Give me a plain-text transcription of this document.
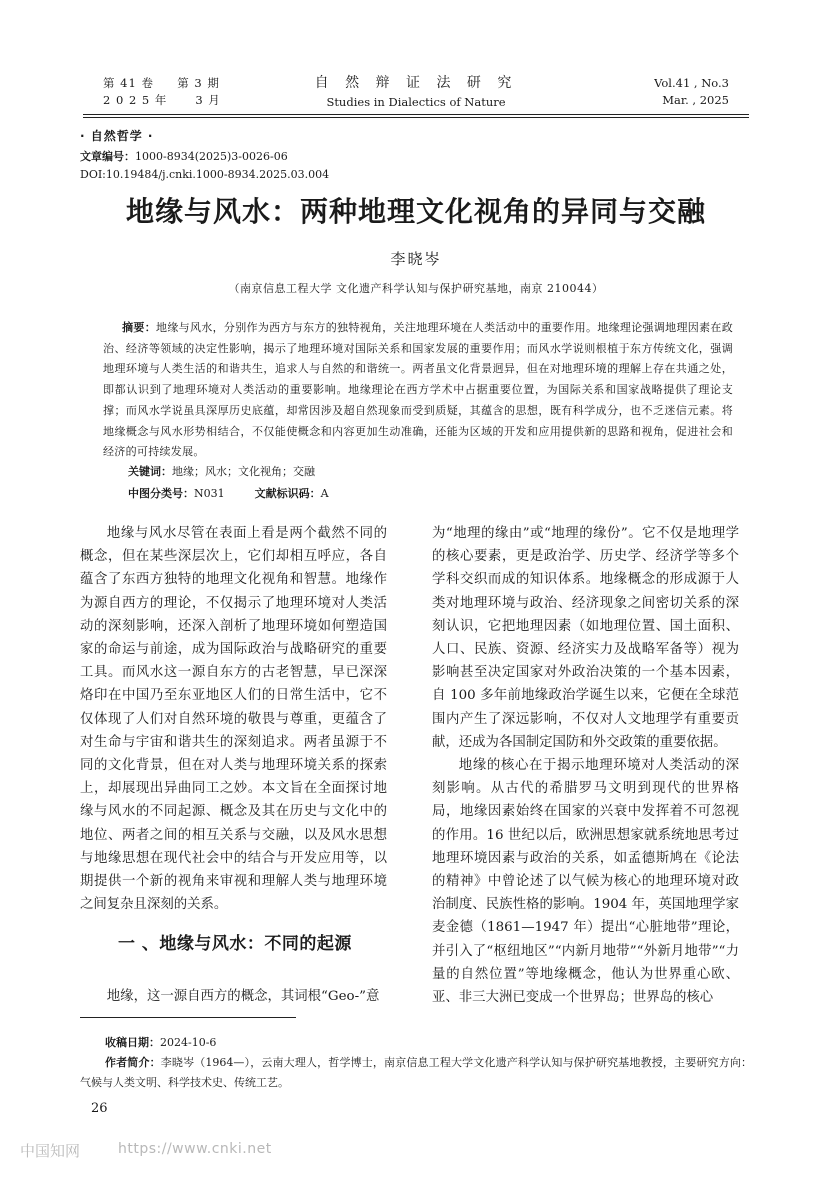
第 41 卷 第 3 期
2 0 2 5 年 3 月
自 然 辩 证 法 研 究
Studies in Dialectics of Nature
Vol.41 , No.3
Mar. , 2025
· 自然哲学 ·
文章编号：1000-8934(2025)3-0026-06
DOI:10.19484/j.cnki.1000-8934.2025.03.004
地缘与风水：两种地理文化视角的异同与交融
李晓岑
（南京信息工程大学 文化遗产科学认知与保护研究基地，南京 210044）
摘要：地缘与风水，分别作为西方与东方的独特视角，关注地理环境在人类活动中的重要作用。地缘理论强调地理因素在政治、经济等领域的决定性影响，揭示了地理环境对国际关系和国家发展的重要作用；而风水学说则根植于东方传统文化，强调地理环境与人类生活的和谐共生，追求人与自然的和谐统一。两者虽文化背景迥异，但在对地理环境的理解上存在共通之处，即都认识到了地理环境对人类活动的重要影响。地缘理论在西方学术中占据重要位置，为国际关系和国家战略提供了理论支撑；而风水学说虽具深厚历史底蕴，却常因涉及超自然现象而受到质疑，其蕴含的思想，既有科学成分，也不乏迷信元素。将地缘概念与风水形势相结合，不仅能使概念和内容更加生动准确，还能为区域的开发和应用提供新的思路和视角，促进社会和经济的可持续发展。
关键词：地缘；风水；文化视角；交融
中图分类号：N031	文献标识码：A

地缘与风水尽管在表面上看是两个截然不同的概念，但在某些深层次上，它们却相互呼应，各自蕴含了东西方独特的地理文化视角和智慧。地缘作为源自西方的理论，不仅揭示了地理环境对人类活动的深刻影响，还深入剖析了地理环境如何塑造国家的命运与前途，成为国际政治与战略研究的重要工具。而风水这一源自东方的古老智慧，早已深深烙印在中国乃至东亚地区人们的日常生活中，它不仅体现了人们对自然环境的敬畏与尊重，更蕴含了对生命与宇宙和谐共生的深刻追求。两者虽源于不同的文化背景，但在对人类与地理环境关系的探索上，却展现出异曲同工之妙。本文旨在全面探讨地缘与风水的不同起源、概念及其在历史与文化中的地位、两者之间的相互关系与交融，以及风水思想与地缘思想在现代社会中的结合与开发应用等，以期提供一个新的视角来审视和理解人类与地理环境之间复杂且深刻的关系。

一 、地缘与风水：不同的起源

地缘，这一源自西方的概念，其词根“Geo-”意

为“地理的缘由”或“地理的缘份”。它不仅是地理学的核心要素，更是政治学、历史学、经济学等多个学科交织而成的知识体系。地缘概念的形成源于人类对地理环境与政治、经济现象之间密切关系的深刻认识，它把地理因素（如地理位置、国土面积、人口、民族、资源、经济实力及战略军备等）视为影响甚至决定国家对外政治决策的一个基本因素，自 100 多年前地缘政治学诞生以来，它便在全球范围内产生了深远影响，不仅对人文地理学有重要贡献，还成为各国制定国防和外交政策的重要依据。

地缘的核心在于揭示地理环境对人类活动的深刻影响。从古代的希腊罗马文明到现代的世界格局，地缘因素始终在国家的兴衰中发挥着不可忽视的作用。16 世纪以后，欧洲思想家就系统地思考过地理环境因素与政治的关系，如孟德斯鸠在《论法的精神》中曾论述了以气候为核心的地理环境对政治制度、民族性格的影响。1904 年，英国地理学家麦金德（1861—1947 年）提出“心脏地带”理论，并引入了“枢纽地区”“内新月地带”“外新月地带”“力量的自然位置”等地缘概念，他认为世界重心欧、亚、非三大洲已变成一个世界岛；世界岛的核心

收稿日期：2024-10-6
作者简介：李晓岑（1964—），云南大理人，哲学博士，南京信息工程大学文化遗产科学认知与保护研究基地教授，主要研究方向：气候与人类文明、科学技术史、传统工艺。
26
中国知网	https://www.cnki.net
